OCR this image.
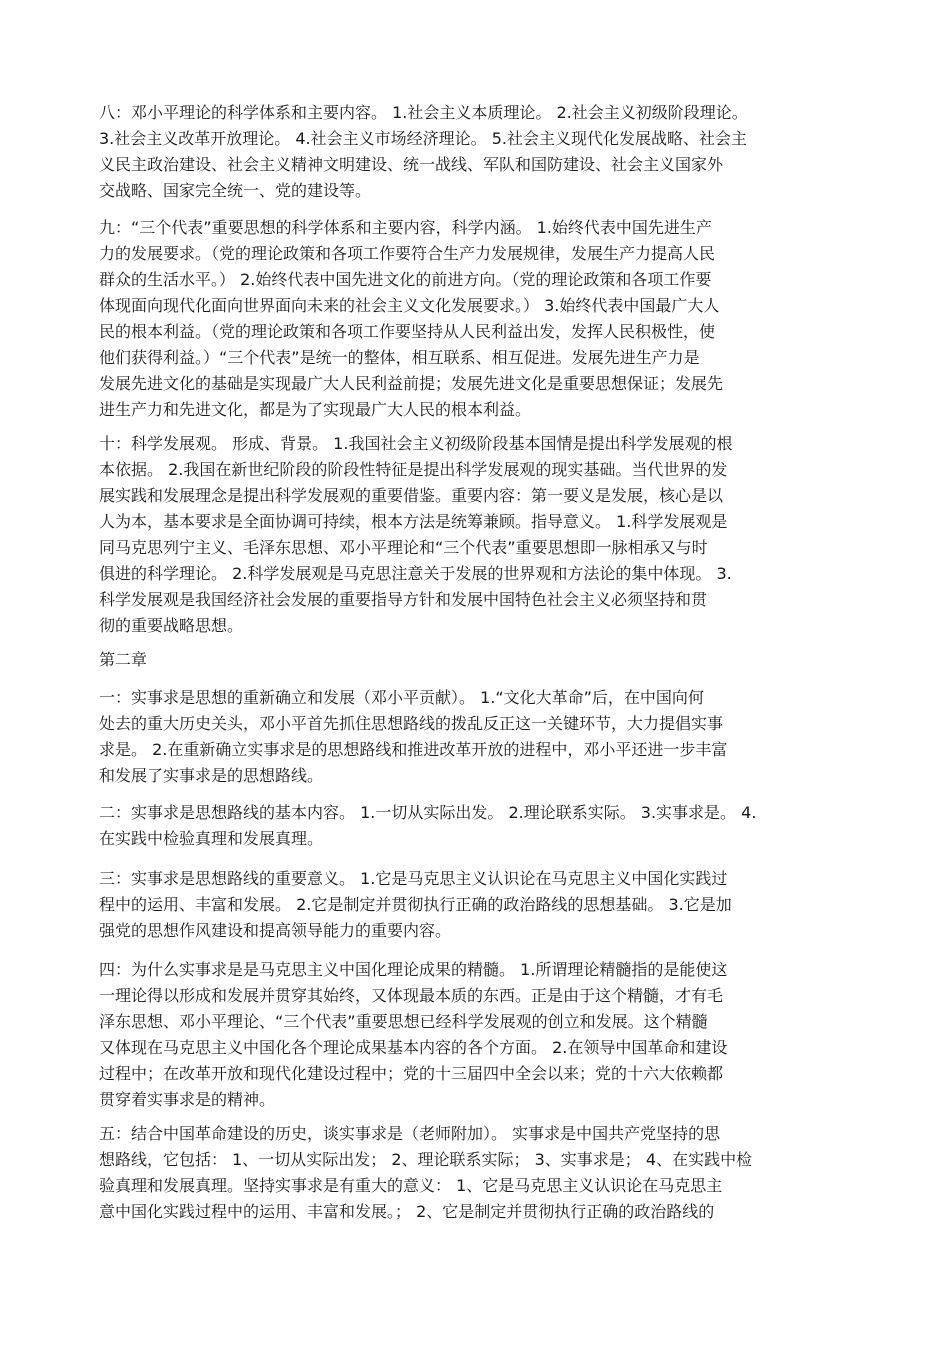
八：邓小平理论的科学体系和主要内容。 1.社会主义本质理论。 2.社会主义初级阶段理论。
3.社会主义改革开放理论。 4.社会主义市场经济理论。 5.社会主义现代化发展战略、社会主
义民主政治建设、社会主义精神文明建设、统一战线、军队和国防建设、社会主义国家外
交战略、国家完全统一、党的建设等。
九：“三个代表”重要思想的科学体系和主要内容，科学内涵。 1.始终代表中国先进生产
力的发展要求。（党的理论政策和各项工作要符合生产力发展规律，发展生产力提高人民
群众的生活水平。） 2.始终代表中国先进文化的前进方向。（党的理论政策和各项工作要
体现面向现代化面向世界面向未来的社会主义文化发展要求。） 3.始终代表中国最广大人
民的根本利益。（党的理论政策和各项工作要坚持从人民利益出发，发挥人民积极性，使
他们获得利益。）“三个代表”是统一的整体，相互联系、相互促进。发展先进生产力是
发展先进文化的基础是实现最广大人民利益前提；发展先进文化是重要思想保证；发展先
进生产力和先进文化，都是为了实现最广大人民的根本利益。
十：科学发展观。 形成、背景。 1.我国社会主义初级阶段基本国情是提出科学发展观的根
本依据。 2.我国在新世纪阶段的阶段性特征是提出科学发展观的现实基础。当代世界的发
展实践和发展理念是提出科学发展观的重要借鉴。重要内容：第一要义是发展，核心是以
人为本，基本要求是全面协调可持续，根本方法是统筹兼顾。指导意义。 1.科学发展观是
同马克思列宁主义、毛泽东思想、邓小平理论和“三个代表”重要思想即一脉相承又与时
俱进的科学理论。 2.科学发展观是马克思注意关于发展的世界观和方法论的集中体现。 3.
科学发展观是我国经济社会发展的重要指导方针和发展中国特色社会主义必须坚持和贯
彻的重要战略思想。
第二章
一：实事求是思想的重新确立和发展（邓小平贡献）。 1.“文化大革命”后，在中国向何
处去的重大历史关头，邓小平首先抓住思想路线的拨乱反正这一关键环节，大力提倡实事
求是。 2.在重新确立实事求是的思想路线和推进改革开放的进程中，邓小平还进一步丰富
和发展了实事求是的思想路线。
二：实事求是思想路线的基本内容。 1.一切从实际出发。 2.理论联系实际。 3.实事求是。 4.
在实践中检验真理和发展真理。
三：实事求是思想路线的重要意义。 1.它是马克思主义认识论在马克思主义中国化实践过
程中的运用、丰富和发展。 2.它是制定并贯彻执行正确的政治路线的思想基础。 3.它是加
强党的思想作风建设和提高领导能力的重要内容。
四：为什么实事求是是马克思主义中国化理论成果的精髓。 1.所谓理论精髓指的是能使这
一理论得以形成和发展并贯穿其始终，又体现最本质的东西。正是由于这个精髓，才有毛
泽东思想、邓小平理论、“三个代表”重要思想已经科学发展观的创立和发展。这个精髓
又体现在马克思主义中国化各个理论成果基本内容的各个方面。 2.在领导中国革命和建设
过程中；在改革开放和现代化建设过程中；党的十三届四中全会以来；党的十六大依赖都
贯穿着实事求是的精神。
五：结合中国革命建设的历史，谈实事求是（老师附加）。 实事求是中国共产党坚持的思
想路线，它包括： 1、一切从实际出发； 2、理论联系实际； 3、实事求是； 4、在实践中检
验真理和发展真理。坚持实事求是有重大的意义： 1、它是马克思主义认识论在马克思主
意中国化实践过程中的运用、丰富和发展。； 2、它是制定并贯彻执行正确的政治路线的
